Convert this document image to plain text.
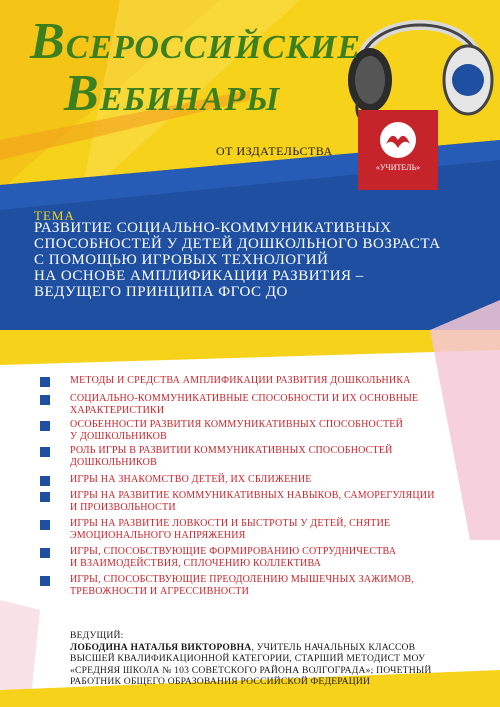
ВСЕРОССИЙСКИЕ
ВЕБИНАРЫ
ОТ ИЗДАТЕЛЬСТВА
«УЧИТЕЛЬ»
ТЕМА
РАЗВИТИЕ СОЦИАЛЬНО-КОММУНИКАТИВНЫХ
СПОСОБНОСТЕЙ У ДЕТЕЙ ДОШКОЛЬНОГО ВОЗРАСТА
С ПОМОЩЬЮ ИГРОВЫХ ТЕХНОЛОГИЙ
НА ОСНОВЕ АМПЛИФИКАЦИИ РАЗВИТИЯ –
ВЕДУЩЕГО ПРИНЦИПА ФГОС ДО
МЕТОДЫ И СРЕДСТВА АМПЛИФИКАЦИИ РАЗВИТИЯ ДОШКОЛЬНИКА

СОЦИАЛЬНО-КОММУНИКАТИВНЫЕ СПОСОБНОСТИ И ИХ ОСНОВНЫЕ
ХАРАКТЕРИСТИКИ
ОСОБЕННОСТИ РАЗВИТИЯ КОММУНИКАТИВНЫХ СПОСОБНОСТЕЙ
У ДОШКОЛЬНИКОВ
РОЛЬ ИГРЫ В РАЗВИТИИ КОММУНИКАТИВНЫХ СПОСОБНОСТЕЙ
ДОШКОЛЬНИКОВ
ИГРЫ НА ЗНАКОМСТВО ДЕТЕЙ, ИХ СБЛИЖЕНИЕ

ИГРЫ НА РАЗВИТИЕ КОММУНИКАТИВНЫХ НАВЫКОВ, САМОРЕГУЛЯЦИИ
И ПРОИЗВОЛЬНОСТИ
ИГРЫ НА РАЗВИТИЕ ЛОВКОСТИ И БЫСТРОТЫ У ДЕТЕЙ, СНЯТИЕ
ЭМОЦИОНАЛЬНОГО НАПРЯЖЕНИЯ
ИГРЫ, СПОСОБСТВУЮЩИЕ ФОРМИРОВАНИЮ СОТРУДНИЧЕСТВА
И ВЗАИМОДЕЙСТВИЯ, СПЛОЧЕНИЮ КОЛЛЕКТИВА
ИГРЫ, СПОСОБСТВУЮЩИЕ ПРЕОДОЛЕНИЮ МЫШЕЧНЫХ ЗАЖИМОВ,
ТРЕВОЖНОСТИ И АГРЕССИВНОСТИ
ВЕДУЩИЙ:
ЛОБОДИНА НАТАЛЬЯ ВИКТОРОВНА, УЧИТЕЛЬ НАЧАЛЬНЫХ КЛАССОВ
ВЫСШЕЙ КВАЛИФИКАЦИОННОЙ КАТЕГОРИИ, СТАРШИЙ МЕТОДИСТ МОУ
«СРЕДНЯЯ ШКОЛА № 103 СОВЕТСКОГО РАЙОНА ВОЛГОГРАДА»; ПОЧЕТНЫЙ
РАБОТНИК ОБЩЕГО ОБРАЗОВАНИЯ РОССИЙСКОЙ ФЕДЕРАЦИИ
